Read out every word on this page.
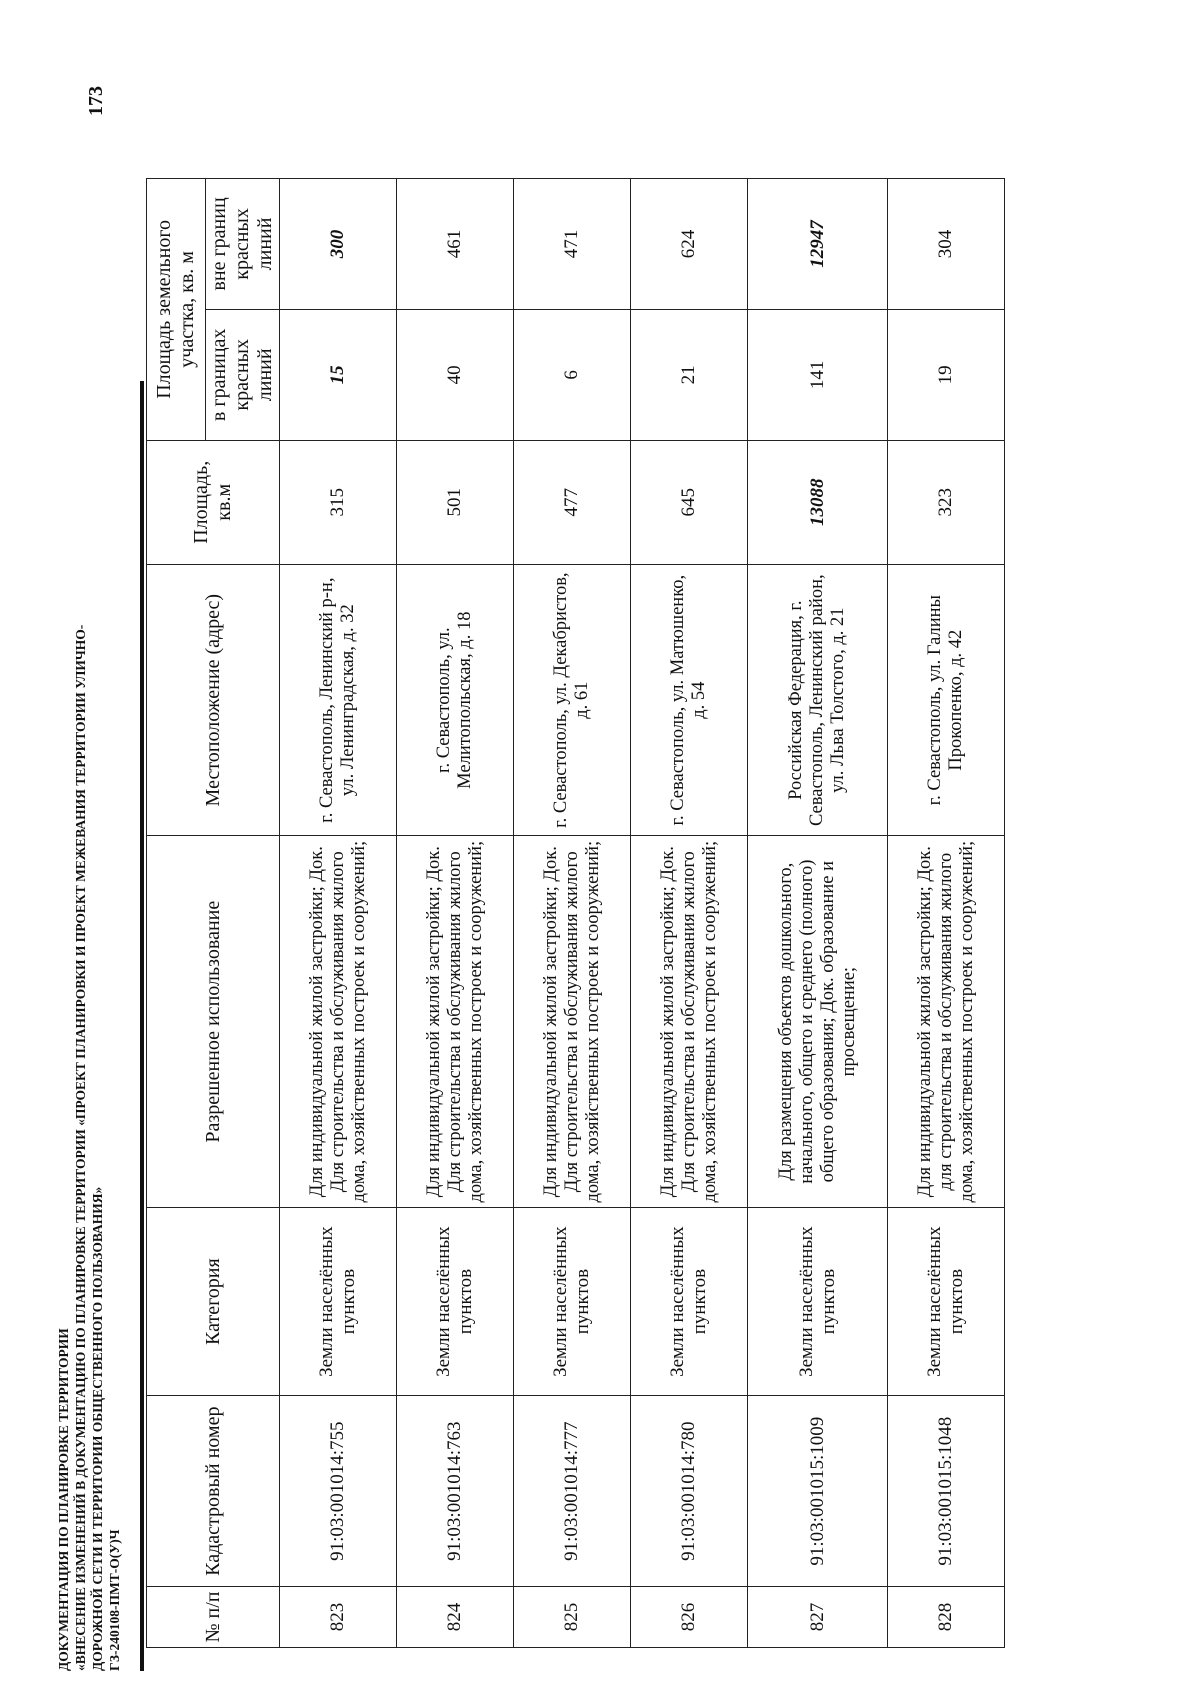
173
ДОКУМЕНТАЦИЯ ПО ПЛАНИРОВКЕ ТЕРРИТОРИИ «ВНЕСЕНИЕ ИЗМЕНЕНИЙ В ДОКУМЕНТАЦИЮ ПО ПЛАНИРОВКЕ ТЕРРИТОРИИ «ПРОЕКТ ПЛАНИРОВКИ И ПРОЕКТ МЕЖЕВАНИЯ ТЕРРИТОРИИ УЛИЧНО- ДОРОЖНОЙ СЕТИ И ТЕРРИТОРИИ ОБЩЕСТВЕННОГО ПОЛЬЗОВАНИЯ» ГЗ-240108-ПМТ-О(У)Ч	№ п/п	Кадастровый номер	Категория	Разрешенное использование	Местоположение (адрес)	Площадь, кв.м	Площадь земельного участка, кв. м	
						в границах красных линий	вне границ красных линий
823	91:03:001014:755	Земли населённых пунктов	Для индивидуальной жилой застройки; Док. Для строительства и обслуживания жилого дома, хозяйственных построек и сооружений;	г. Севастополь, Ленинский р-н, ул. Ленинградская, д. 32	315	15	300
824	91:03:001014:763	Земли населённых пунктов	Для индивидуальной жилой застройки; Док. Для строительства и обслуживания жилого дома, хозяйственных построек и сооружений;	г. Севастополь, ул. Мелитопольская, д. 18	501	40	461
825	91:03:001014:777	Земли населённых пунктов	Для индивидуальной жилой застройки; Док. Для строительства и обслуживания жилого дома, хозяйственных построек и сооружений;	г. Севастополь, ул. Декабристов, д. 61	477	6	471
826	91:03:001014:780	Земли населённых пунктов	Для индивидуальной жилой застройки; Док. Для строительства и обслуживания жилого дома, хозяйственных построек и сооружений;	г. Севастополь, ул. Матюшенко, д. 54	645	21	624
827	91:03:001015:1009	Земли населённых пунктов	Для размещения объектов дошкольного, начального, общего и среднего (полного) общего образования; Док. образование и просвещение;	Российская Федерация, г. Севастополь, Ленинский район, ул. Льва Толстого, д. 21	13088	141	12947
828	91:03:001015:1048	Земли населённых пунктов	Для индивидуальной жилой застройки; Док. для строительства и обслуживания жилого дома, хозяйственных построек и сооружений;	г. Севастополь, ул. Галины Прокопенко, д. 42	323	19	304
